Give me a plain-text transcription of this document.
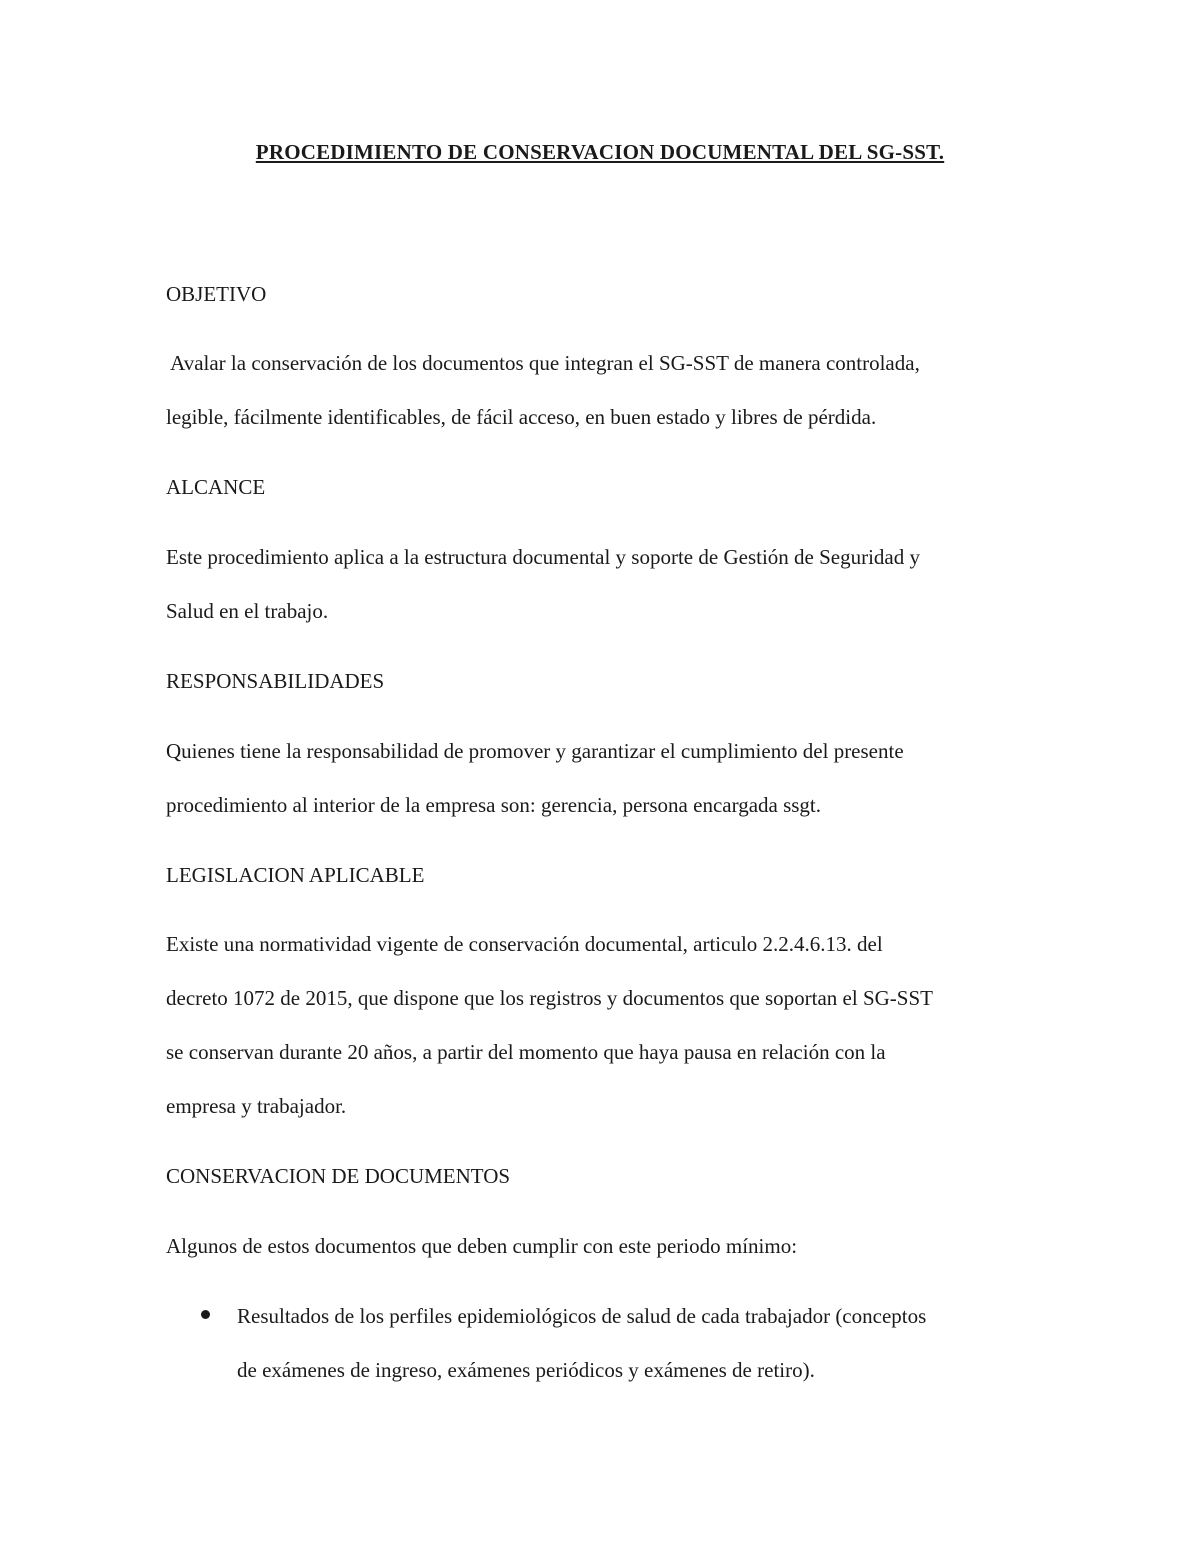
PROCEDIMIENTO DE CONSERVACION DOCUMENTAL DEL SG-SST.
OBJETIVO
Avalar la conservación de los documentos que integran el SG-SST de manera controlada,
legible, fácilmente identificables, de fácil acceso, en buen estado y libres de pérdida.
ALCANCE
Este procedimiento aplica a la estructura documental y soporte de Gestión de Seguridad y
Salud en el trabajo.
RESPONSABILIDADES
Quienes tiene la responsabilidad de promover y garantizar el cumplimiento del presente
procedimiento al interior de la empresa son: gerencia, persona encargada ssgt.
LEGISLACION APLICABLE
Existe una normatividad vigente de conservación documental, articulo 2.2.4.6.13. del
decreto 1072 de 2015, que dispone que los registros y documentos que soportan el SG-SST
se conservan durante 20 años, a partir del momento que haya pausa en relación con la
empresa y trabajador.
CONSERVACION DE DOCUMENTOS
Algunos de estos documentos que deben cumplir con este periodo mínimo:
Resultados de los perfiles epidemiológicos de salud de cada trabajador (conceptos
de exámenes de ingreso, exámenes periódicos y exámenes de retiro).
